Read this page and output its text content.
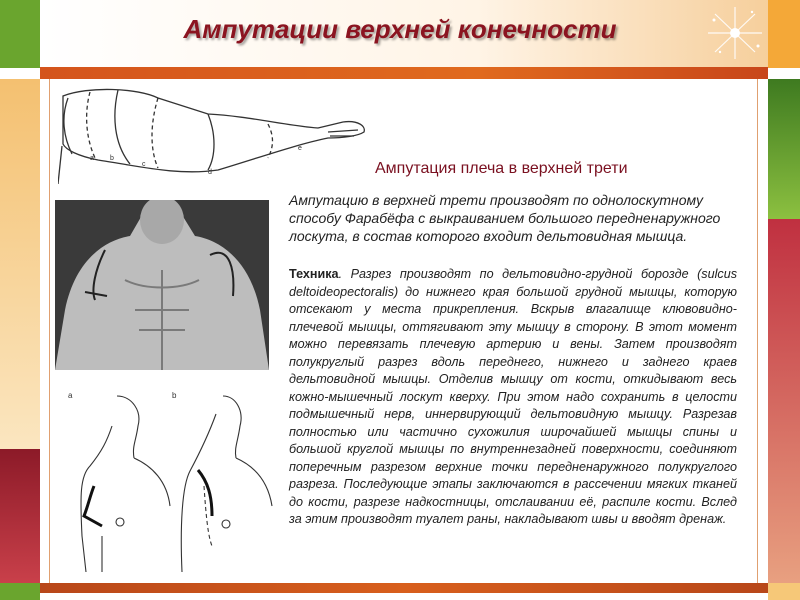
Ампутации верхней конечности
a b
c
d
e
a	b
Ампутация плеча в верхней трети
Ампутацию в верхней трети производят по однолоскутному способу Фарабёфа с выкраиванием большого передненаружного лоскута, в состав которого входит дельтовидная мышца.
Техника. Разрез производят по дельтовидно-грудной борозде (sulcus deltoideopectoralis) до нижнего края большой грудной мышцы, которую отсекают у места прикрепления. Вскрыв влагалище клювовидно-плечевой мышцы, оттягивают эту мышцу в сторону. В этот момент можно перевязать плечевую артерию и вены. Затем производят полукруглый разрез вдоль переднего, нижнего и заднего краев дельтовидной мышцы. Отделив мышцу от кости, откидывают весь кожно-мышечный лоскут кверху. При этом надо сохранить в целости подмышечный нерв, иннервирующий дельтовидную мышцу. Разрезав полностью или частично сухожилия широчайшей мышцы спины и большой круглой мышцы по внутреннезадней поверхности, соединяют поперечным разрезом верхние точки передненаружного полукруглого разреза. Последующие этапы заключаются в рассечении мягких тканей до кости, разрезе надкостницы, отслаивании её, распиле кости. Вслед за этим производят туалет раны, накладывают швы и вводят дренаж.
